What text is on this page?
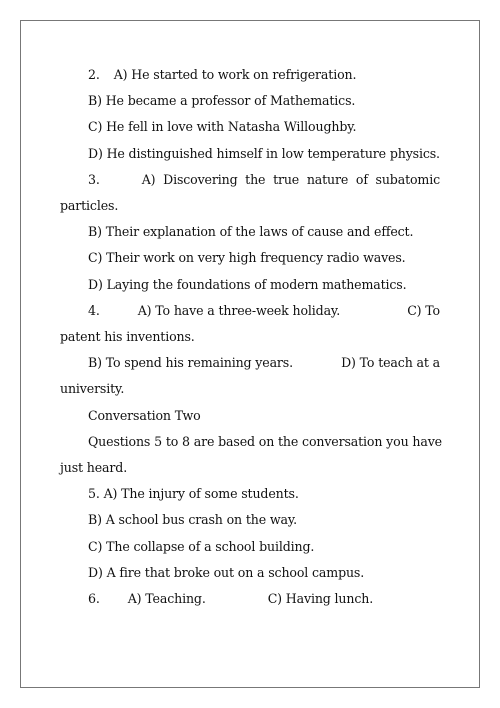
2. A) He started to work on refrigeration.
B) He became a professor of Mathematics.
C) He fell in love with Natasha Willoughby.
D) He distinguished himself in low temperature physics.
3.	A)  Discovering  the  true  nature  of  subatomic
particles.
B) Their explanation of the laws of cause and effect.
C) Their work on very high frequency radio waves.
D) Laying the foundations of modern mathematics.
4.	A) To have a three-week holiday.	C) To
patent his inventions.
B) To spend his remaining years.	D) To teach at a
university.
Conversation Two
Questions 5 to 8 are based on the conversation you have
just heard.
5. A) The injury of some students.
B) A school bus crash on the way.
C) The collapse of a school building.
D) A fire that broke out on a school campus.
6. A) Teaching.	C) Having lunch.
